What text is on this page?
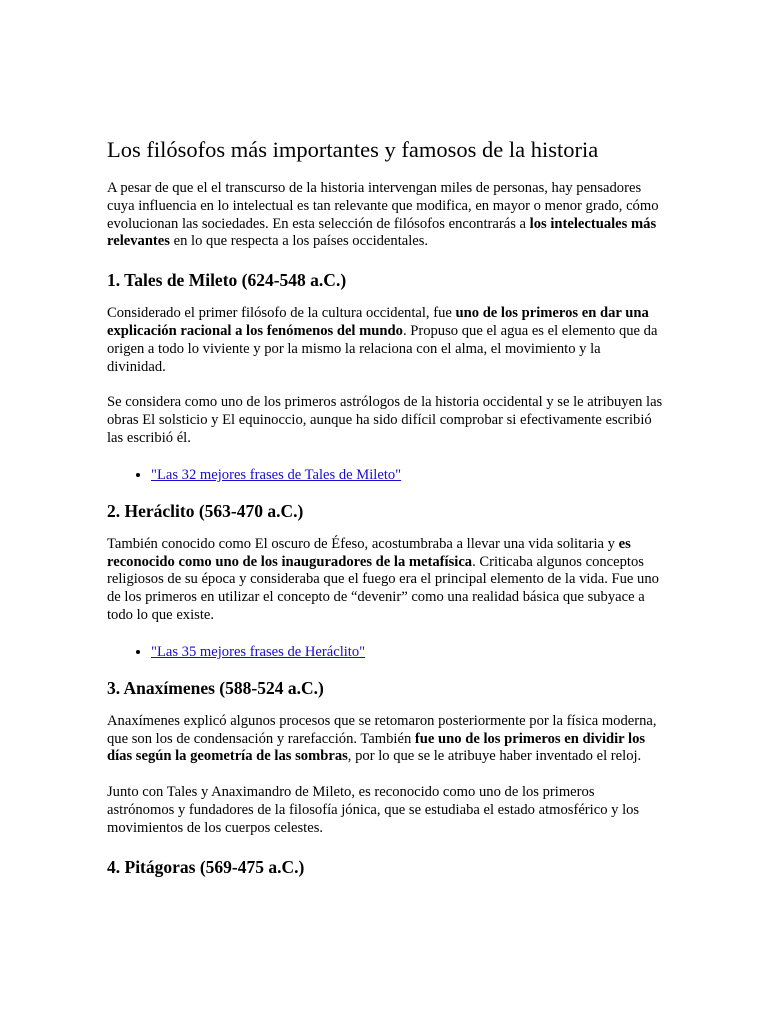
Los filósofos más importantes y famosos de la historia

A pesar de que el el transcurso de la historia intervengan miles de personas, hay pensadores cuya influencia en lo intelectual es tan relevante que modifica, en mayor o menor grado, cómo evolucionan las sociedades. En esta selección de filósofos encontrarás a los intelectuales más relevantes en lo que respecta a los países occidentales.

1. Tales de Mileto (624-548 a.C.)

Considerado el primer filósofo de la cultura occidental, fue uno de los primeros en dar una explicación racional a los fenómenos del mundo. Propuso que el agua es el elemento que da origen a todo lo viviente y por la mismo la relaciona con el alma, el movimiento y la divinidad.

Se considera como uno de los primeros astrólogos de la historia occidental y se le atribuyen las obras El solsticio y El equinoccio, aunque ha sido difícil comprobar si efectivamente escribió las escribió él.

• "Las 32 mejores frases de Tales de Mileto"
2. Heráclito (563-470 a.C.)

También conocido como El oscuro de Éfeso, acostumbraba a llevar una vida solitaria y es reconocido como uno de los inauguradores de la metafísica. Criticaba algunos conceptos religiosos de su época y consideraba que el fuego era el principal elemento de la vida. Fue uno de los primeros en utilizar el concepto de “devenir” como una realidad básica que subyace a todo lo que existe.

• "Las 35 mejores frases de Heráclito"
3. Anaxímenes (588-524 a.C.)

Anaxímenes explicó algunos procesos que se retomaron posteriormente por la física moderna, que son los de condensación y rarefacción. También fue uno de los primeros en dividir los días según la geometría de las sombras, por lo que se le atribuye haber inventado el reloj.

Junto con Tales y Anaximandro de Mileto, es reconocido como uno de los primeros astrónomos y fundadores de la filosofía jónica, que se estudiaba el estado atmosférico y los movimientos de los cuerpos celestes.

4. Pitágoras (569-475 a.C.)
